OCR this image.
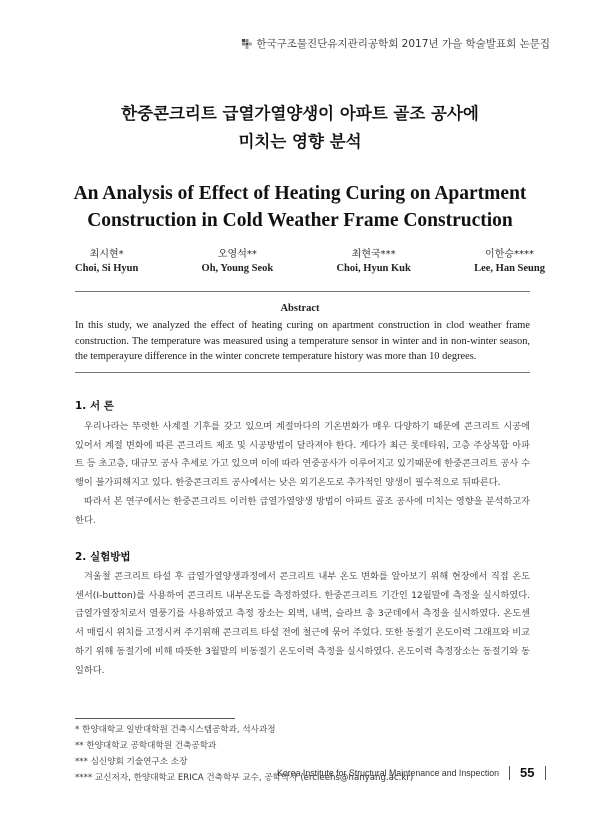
한국구조물진단유지관리공학회 2017년 가을 학술발표회 논문집
한중콘크리트 급열가열양생이 아파트 골조 공사에
미치는 영향 분석
An Analysis of Effect of Heating Curing on Apartment
Construction in Cold Weather Frame Construction
최시현*
Choi, Si Hyun
오영석**
Oh, Young Seok
최현국***
Choi, Hyun Kuk
이한승****
Lee, Han Seung
Abstract
In this study, we analyzed the effect of heating curing on apartment construction in clod weather frame construction. The temperature was measured using a temperature sensor in winter and in non-winter season, the temperayure difference in the winter concrete temperature history was more than 10 degrees.
1. 서 론

우리나라는 뚜렷한 사계절 기후를 갖고 있으며 계절마다의 기온변화가 매우 다양하기 때문에 콘크리트 시공에 있어서 계절 변화에 따른 콘크리트 제조 및 시공방법이 달라져야 한다. 게다가 최근 롯데타워, 고층 주상복합 아파트 등 초고층, 대규모 공사 추세로 가고 있으며 이에 따라 연중공사가 이루어지고 있기때문에 한중콘크리트 공사 수행이 불가피해지고 있다. 한중콘크리트 공사에서는 낮은 외기온도로 추가적인 양생이 필수적으로 뒤따른다.

따라서 본 연구에서는 한중콘크리트 이러한 급열가열양생 방법이 아파트 골조 공사에 미치는 영향을 분석하고자 한다.

2. 실험방법

겨울철 콘크리트 타설 후 급열가열양생과정에서 콘크리트 내부 온도 변화를 알아보기 위해 현장에서 직접 온도 센서(I-button)를 사용하여 콘크리트 내부온도를 측정하였다. 한중콘크리트 기간인 12월말에 측정을 실시하였다. 급열가열장치로서 열풍기를 사용하였고 측정 장소는 외벽, 내벽, 슬라브 총 3군데에서 측정을 실시하였다. 온도센서 매립시 위치를 고정시켜 주기위해 콘크리트 타설 전에 철근에 묶어 주었다. 또한 동절기 온도이력 그래프와 비교하기 위해 동절기에 비해 따뜻한 3월말의 비동절기 온도이력 측정을 실시하였다. 온도이력 측정장소는 동절기와 동일하다.

* 한양대학교 일반대학원 건축시스템공학과, 석사과정
** 한양대학교 공학대학원 건축공학과
*** 심신양회 기술연구소 소장
**** 교신저자, 한양대학교 ERICA 건축학부 교수, 공학박사 (ercleehs@hanyang.ac.kr)
Korea Institute for Structural Maintenance and Inspection 55
